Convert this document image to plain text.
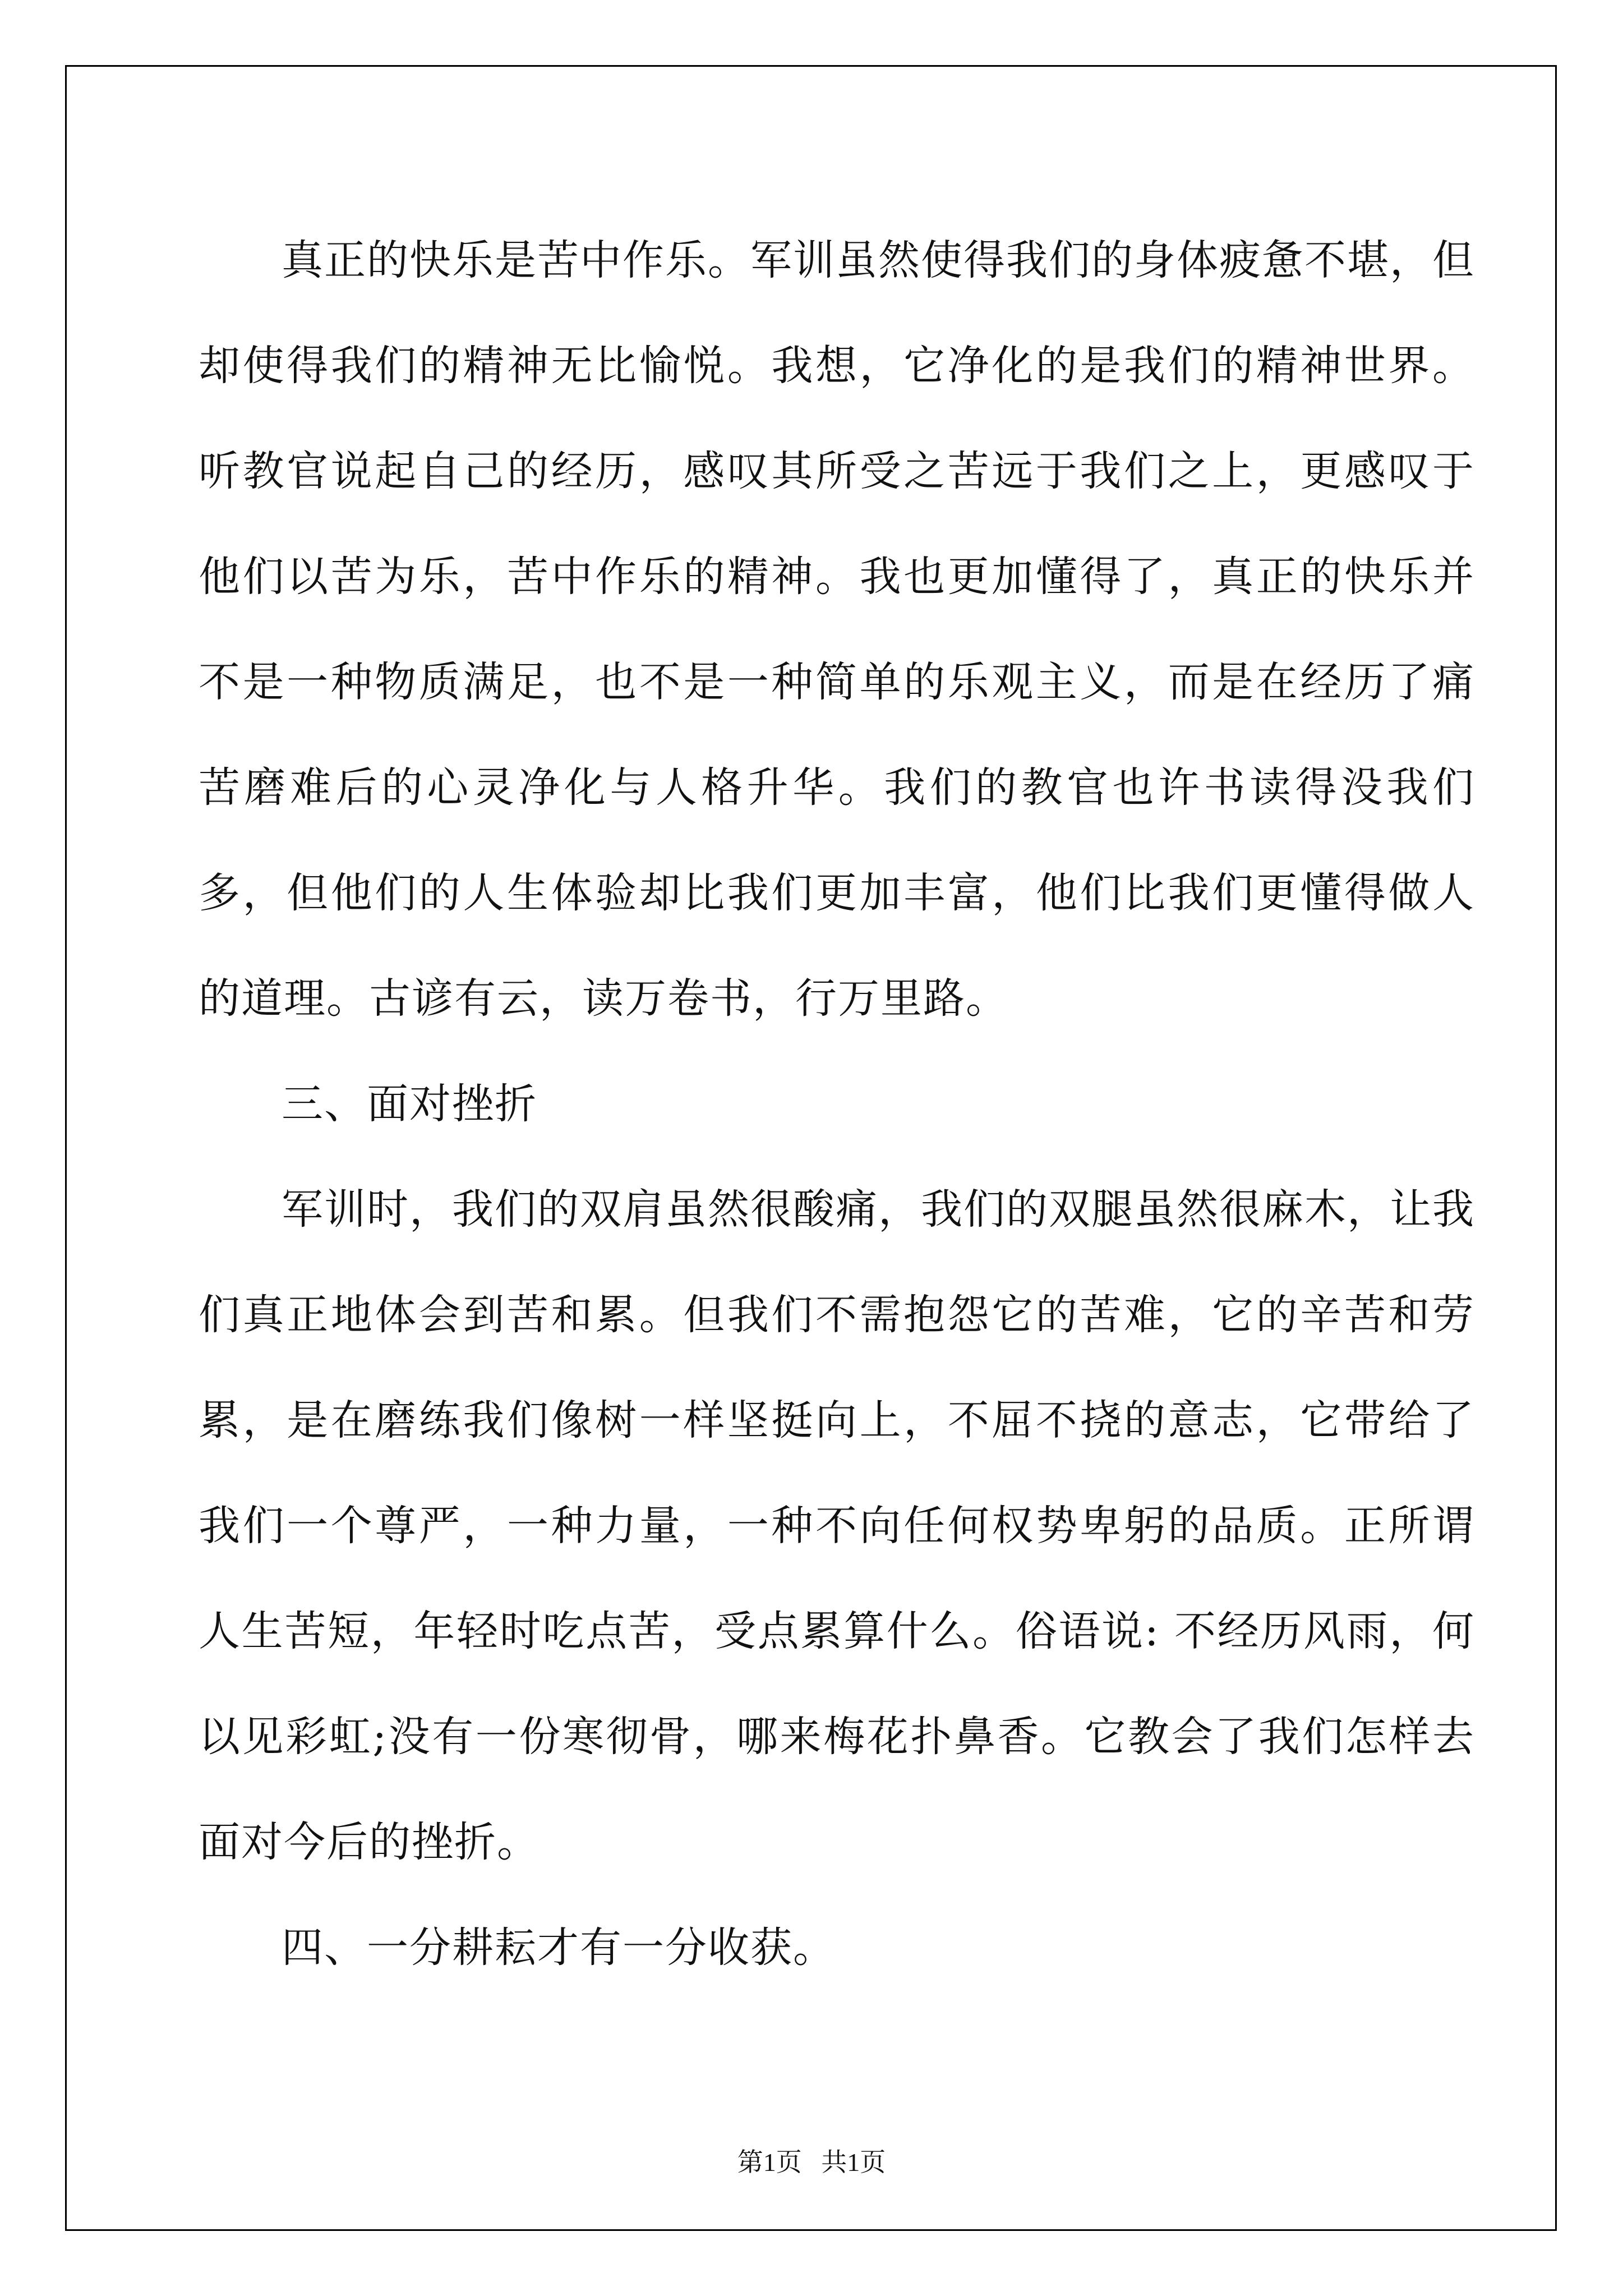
真正的快乐是苦中作乐。军训虽然使得我们的身体疲惫不堪，但却使得我们的精神无比愉悦。我想，它净化的是我们的精神世界。听教官说起自己的经历，感叹其所受之苦远于我们之上，更感叹于他们以苦为乐，苦中作乐的精神。我也更加懂得了，真正的快乐并不是一种物质满足，也不是一种简单的乐观主义，而是在经历了痛苦磨难后的心灵净化与人格升华。我们的教官也许书读得没我们多，但他们的人生体验却比我们更加丰富，他们比我们更懂得做人的道理。古谚有云，读万卷书，行万里路。

三、面对挫折

军训时，我们的双肩虽然很酸痛，我们的双腿虽然很麻木，让我们真正地体会到苦和累。但我们不需抱怨它的苦难，它的辛苦和劳累，是在磨练我们像树一样坚挺向上，不屈不挠的意志，它带给了我们一个尊严，一种力量，一种不向任何权势卑躬的品质。正所谓人生苦短，年轻时吃点苦，受点累算什么。俗语说: 不经历风雨，何以见彩虹;没有一份寒彻骨，哪来梅花扑鼻香。它教会了我们怎样去面对今后的挫折。

四、一分耕耘才有一分收获。

第1页   共1页
